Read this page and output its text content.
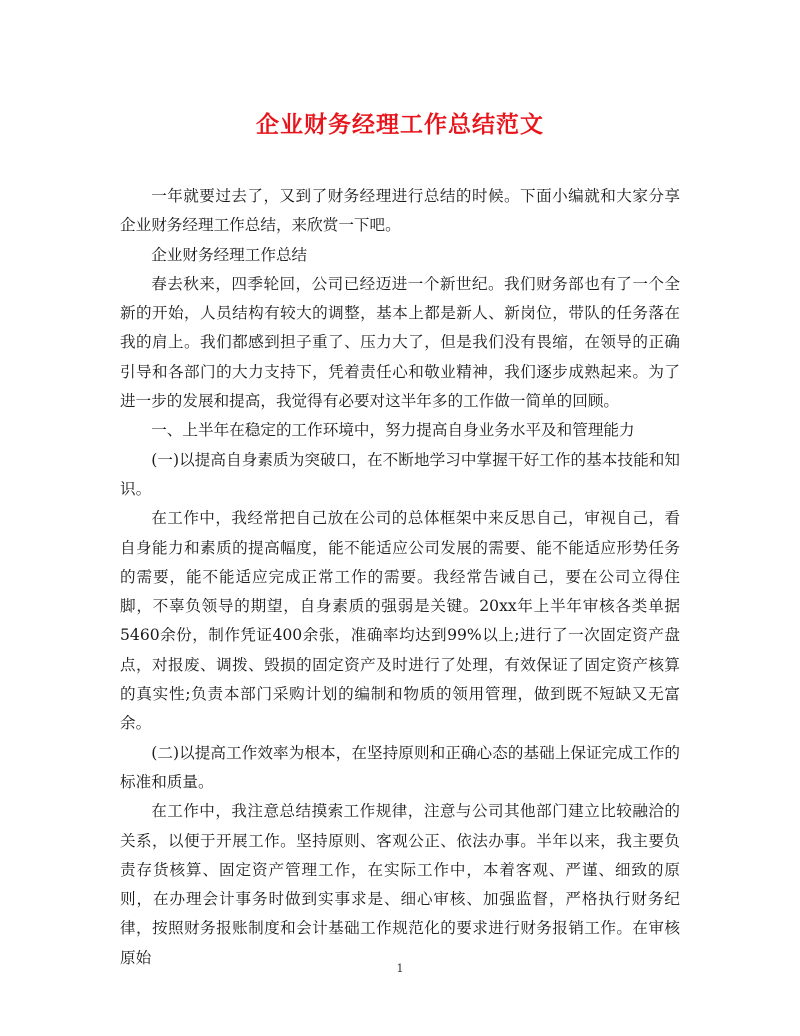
企业财务经理工作总结范文

一年就要过去了，又到了财务经理进行总结的时候。下面小编就和大家分享企业财务经理工作总结，来欣赏一下吧。

企业财务经理工作总结

春去秋来，四季轮回，公司已经迈进一个新世纪。我们财务部也有了一个全新的开始，人员结构有较大的调整，基本上都是新人、新岗位，带队的任务落在我的肩上。我们都感到担子重了、压力大了，但是我们没有畏缩，在领导的正确引导和各部门的大力支持下，凭着责任心和敬业精神，我们逐步成熟起来。为了进一步的发展和提高，我觉得有必要对这半年多的工作做一简单的回顾。

一、上半年在稳定的工作环境中，努力提高自身业务水平及和管理能力

(一)以提高自身素质为突破口，在不断地学习中掌握干好工作的基本技能和知识。

在工作中，我经常把自己放在公司的总体框架中来反思自己，审视自己，看自身能力和素质的提高幅度，能不能适应公司发展的需要、能不能适应形势任务的需要，能不能适应完成正常工作的需要。我经常告诫自己，要在公司立得住脚，不辜负领导的期望，自身素质的强弱是关键。20xx年上半年审核各类单据5460余份，制作凭证400余张，准确率均达到99%以上;进行了一次固定资产盘点，对报废、调拨、毁损的固定资产及时进行了处理，有效保证了固定资产核算的真实性;负责本部门采购计划的编制和物质的领用管理，做到既不短缺又无富余。

(二)以提高工作效率为根本，在坚持原则和正确心态的基础上保证完成工作的标准和质量。

在工作中，我注意总结摸索工作规律，注意与公司其他部门建立比较融洽的关系，以便于开展工作。坚持原则、客观公正、依法办事。半年以来，我主要负责存货核算、固定资产管理工作，在实际工作中，本着客观、严谨、细致的原则，在办理会计事务时做到实事求是、细心审核、加强监督，严格执行财务纪律，按照财务报账制度和会计基础工作规范化的要求进行财务报销工作。在审核原始

1
